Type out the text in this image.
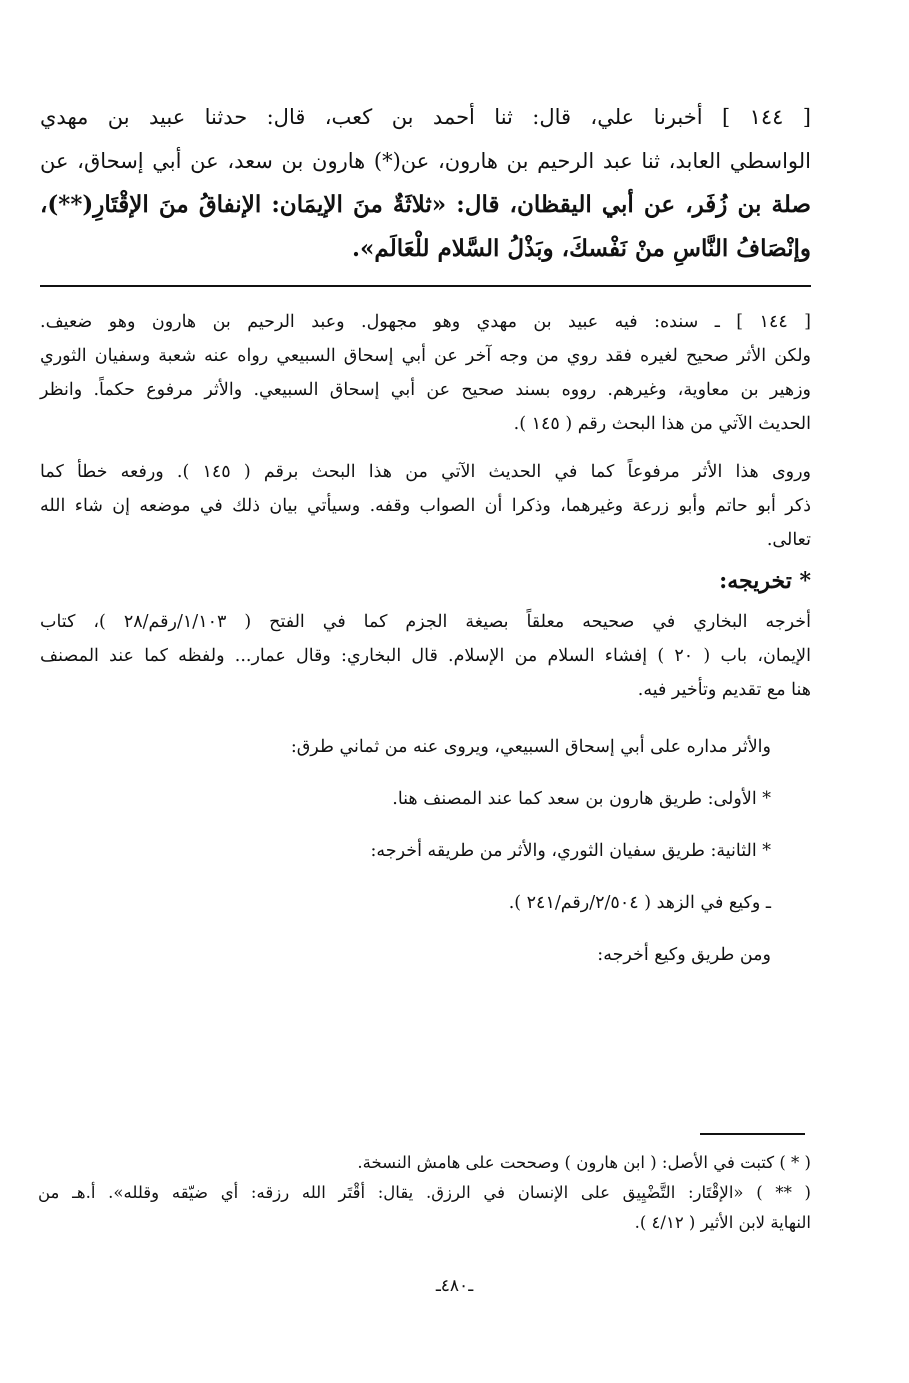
[ ١٤٤ ] أخبرنا علي، قال: ثنا أحمد بن كعب، قال: حدثنا عبيد بن مهدي
الواسطي العابد، ثنا عبد الرحيم بن هارون، عن(*) هارون بن سعد، عن أبي إسحاق، عن
صلة بن زُفَر، عن أبي اليقظان، قال: «ثلاثَةٌ منَ الإيمَان: الإنفاقُ منَ الإقْتَارِ(**)،
وإنْصَافُ النَّاسِ منْ نَفْسكَ، وبَذْلُ السَّلام للْعَالَم».
[ ١٤٤ ] ـ سنده: فيه عبيد بن مهدي وهو مجهول. وعبد الرحيم بن هارون وهو ضعيف.
ولكن الأثر صحيح لغيره فقد روي من وجه آخر عن أبي إسحاق السبيعي رواه عنه شعبة وسفيان الثوري
وزهير بن معاوية، وغيرهم. رووه بسند صحيح عن أبي إسحاق السبيعي. والأثر مرفوع حكماً. وانظر
الحديث الآتي من هذا البحث رقم ( ١٤٥ ).
وروى هذا الأثر مرفوعاً كما في الحديث الآتي من هذا البحث برقم ( ١٤٥ ). ورفعه خطأ كما
ذكر أبو حاتم وأبو زرعة وغيرهما، وذكرا أن الصواب وقفه. وسيأتي بيان ذلك في موضعه إن شاء الله
تعالى.
* تخريجه:
أخرجه البخاري في صحيحه معلقاً بصيغة الجزم كما في الفتح ( ١/١٠٣/رقم/٢٨ )، كتاب
الإيمان، باب ( ٢٠ ) إفشاء السلام من الإسلام. قال البخاري: وقال عمار... ولفظه كما عند المصنف
هنا مع تقديم وتأخير فيه.
والأثر مداره على أبي إسحاق السبيعي، ويروى عنه من ثماني طرق:
* الأولى: طريق هارون بن سعد كما عند المصنف هنا.
* الثانية: طريق سفيان الثوري، والأثر من طريقه أخرجه:
ـ وكيع في الزهد ( ٢/٥٠٤/رقم/٢٤١ ).
ومن طريق وكيع أخرجه:
( * ) كتبت في الأصل: ( ابن هارون ) وصححت على هامش النسخة.
( ** ) «الإقْتَار: التَّضْيِيق على الإنسان في الرزق. يقال: أقْتَر الله رزقه: أي ضيّقه وقلله». أ.هـ من
النهاية لابن الأثير ( ٤/١٢ ).
ـ٤٨٠ـ
